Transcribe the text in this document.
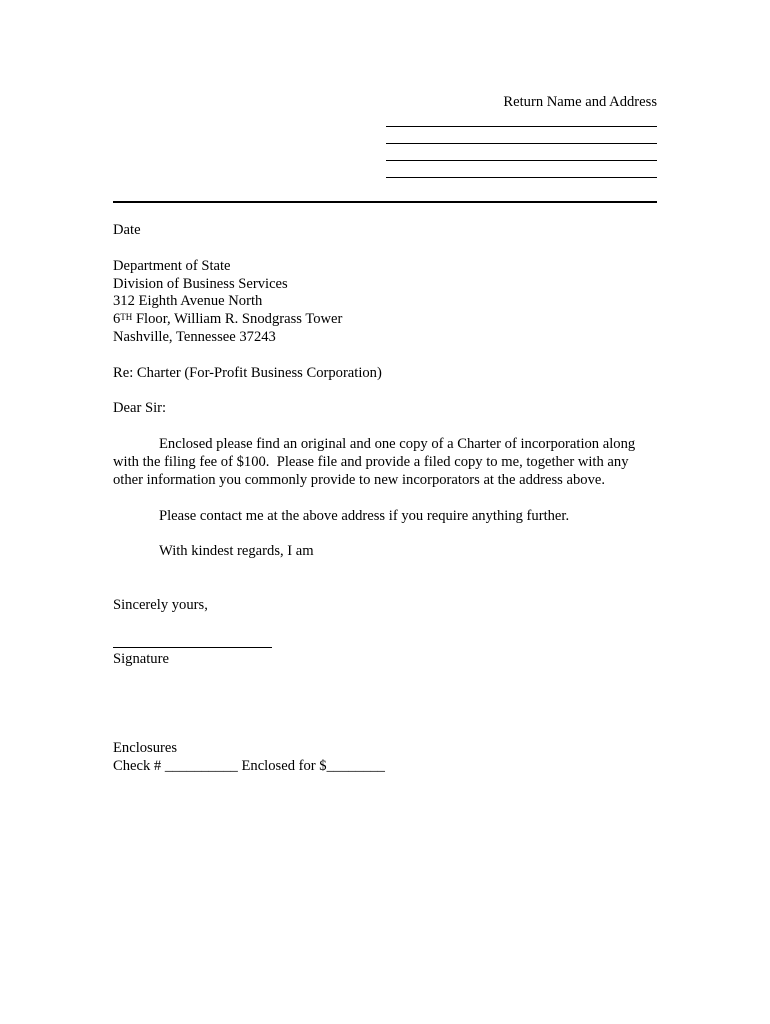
Return Name and Address
Date
Department of State
Division of Business Services
312 Eighth Avenue North
6TH Floor, William R. Snodgrass Tower
Nashville, Tennessee 37243
Re: Charter (For-Profit Business Corporation)
Dear Sir:
Enclosed please find an original and one copy of a Charter of incorporation along
with the filing fee of $100.  Please file and provide a filed copy to me, together with any
other information you commonly provide to new incorporators at the address above.
Please contact me at the above address if you require anything further.
With kindest regards, I am
Sincerely yours,
Signature
Enclosures
Check # __________ Enclosed for $________
